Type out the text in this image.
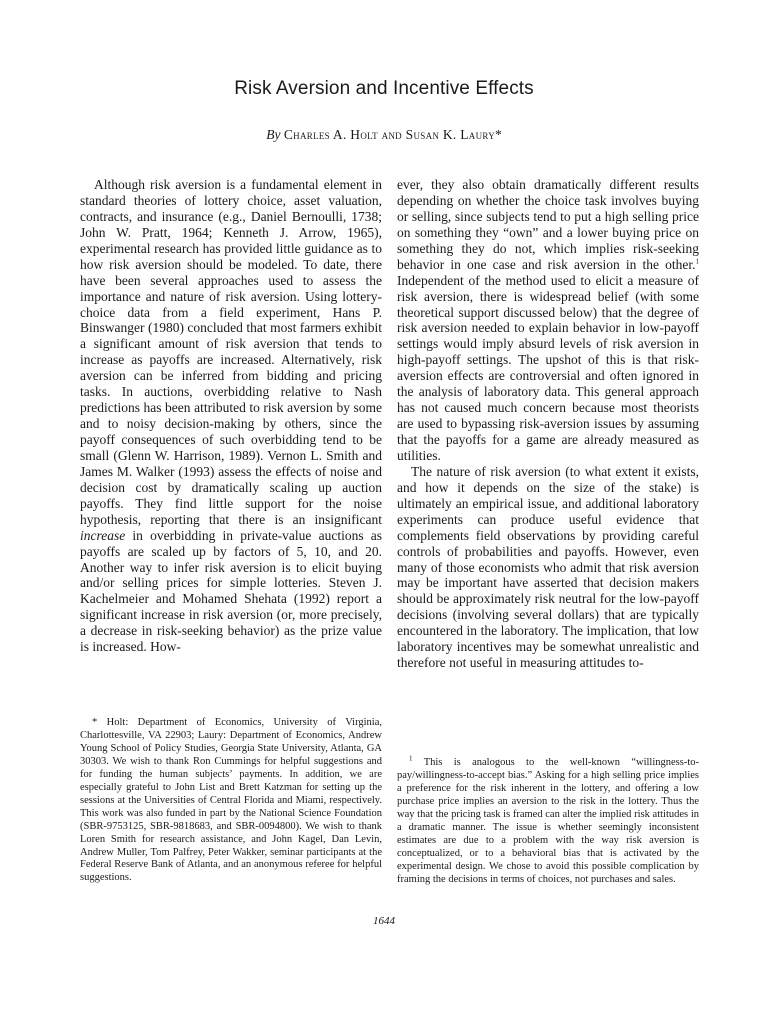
Risk Aversion and Incentive Effects
By Charles A. Holt and Susan K. Laury*

Although risk aversion is a fundamental element in standard theories of lottery choice, asset valuation, contracts, and insurance (e.g., Daniel Bernoulli, 1738; John W. Pratt, 1964; Kenneth J. Arrow, 1965), experimental research has provided little guidance as to how risk aversion should be modeled. To date, there have been several approaches used to assess the importance and nature of risk aversion. Using lottery-choice data from a field experiment, Hans P. Binswanger (1980) concluded that most farmers exhibit a significant amount of risk aversion that tends to increase as payoffs are increased. Alternatively, risk aversion can be inferred from bidding and pricing tasks. In auctions, overbidding relative to Nash predictions has been attributed to risk aversion by some and to noisy decision-making by others, since the payoff consequences of such overbidding tend to be small (Glenn W. Harrison, 1989). Vernon L. Smith and James M. Walker (1993) assess the effects of noise and decision cost by dramatically scaling up auction payoffs. They find little support for the noise hypothesis, reporting that there is an insignificant increase in overbidding in private-value auctions as payoffs are scaled up by factors of 5, 10, and 20. Another way to infer risk aversion is to elicit buying and/or selling prices for simple lotteries. Steven J. Kachelmeier and Mohamed Shehata (1992) report a significant increase in risk aversion (or, more precisely, a decrease in risk-seeking behavior) as the prize value is increased. How-

ever, they also obtain dramatically different results depending on whether the choice task involves buying or selling, since subjects tend to put a high selling price on something they “own” and a lower buying price on something they do not, which implies risk-seeking behavior in one case and risk aversion in the other.$^1$ Independent of the method used to elicit a measure of risk aversion, there is widespread belief (with some theoretical support discussed below) that the degree of risk aversion needed to explain behavior in low-payoff settings would imply absurd levels of risk aversion in high-payoff settings. The upshot of this is that risk-aversion effects are controversial and often ignored in the analysis of laboratory data. This general approach has not caused much concern because most theorists are used to bypassing risk-aversion issues by assuming that the payoffs for a game are already measured as utilities.

The nature of risk aversion (to what extent it exists, and how it depends on the size of the stake) is ultimately an empirical issue, and additional laboratory experiments can produce useful evidence that complements field observations by providing careful controls of probabilities and payoffs. However, even many of those economists who admit that risk aversion may be important have asserted that decision makers should be approximately risk neutral for the low-payoff decisions (involving several dollars) that are typically encountered in the laboratory. The implication, that low laboratory incentives may be somewhat unrealistic and therefore not useful in measuring attitudes to-

* Holt: Department of Economics, University of Virginia, Charlottesville, VA 22903; Laury: Department of Economics, Andrew Young School of Policy Studies, Georgia State University, Atlanta, GA 30303. We wish to thank Ron Cummings for helpful suggestions and for funding the human subjects’ payments. In addition, we are especially grateful to John List and Brett Katzman for setting up the sessions at the Universities of Central Florida and Miami, respectively. This work was also funded in part by the National Science Foundation (SBR-9753125, SBR-9818683, and SBR-0094800). We wish to thank Loren Smith for research assistance, and John Kagel, Dan Levin, Andrew Muller, Tom Palfrey, Peter Wakker, seminar participants at the Federal Reserve Bank of Atlanta, and an anonymous referee for helpful suggestions.

$^1$ This is analogous to the well-known “willingness-to-pay/willingness-to-accept bias.” Asking for a high selling price implies a preference for the risk inherent in the lottery, and offering a low purchase price implies an aversion to the risk in the lottery. Thus the way that the pricing task is framed can alter the implied risk attitudes in a dramatic manner. The issue is whether seemingly inconsistent estimates are due to a problem with the way risk aversion is conceptualized, or to a behavioral bias that is activated by the experimental design. We chose to avoid this possible complication by framing the decisions in terms of choices, not purchases and sales.

1644
